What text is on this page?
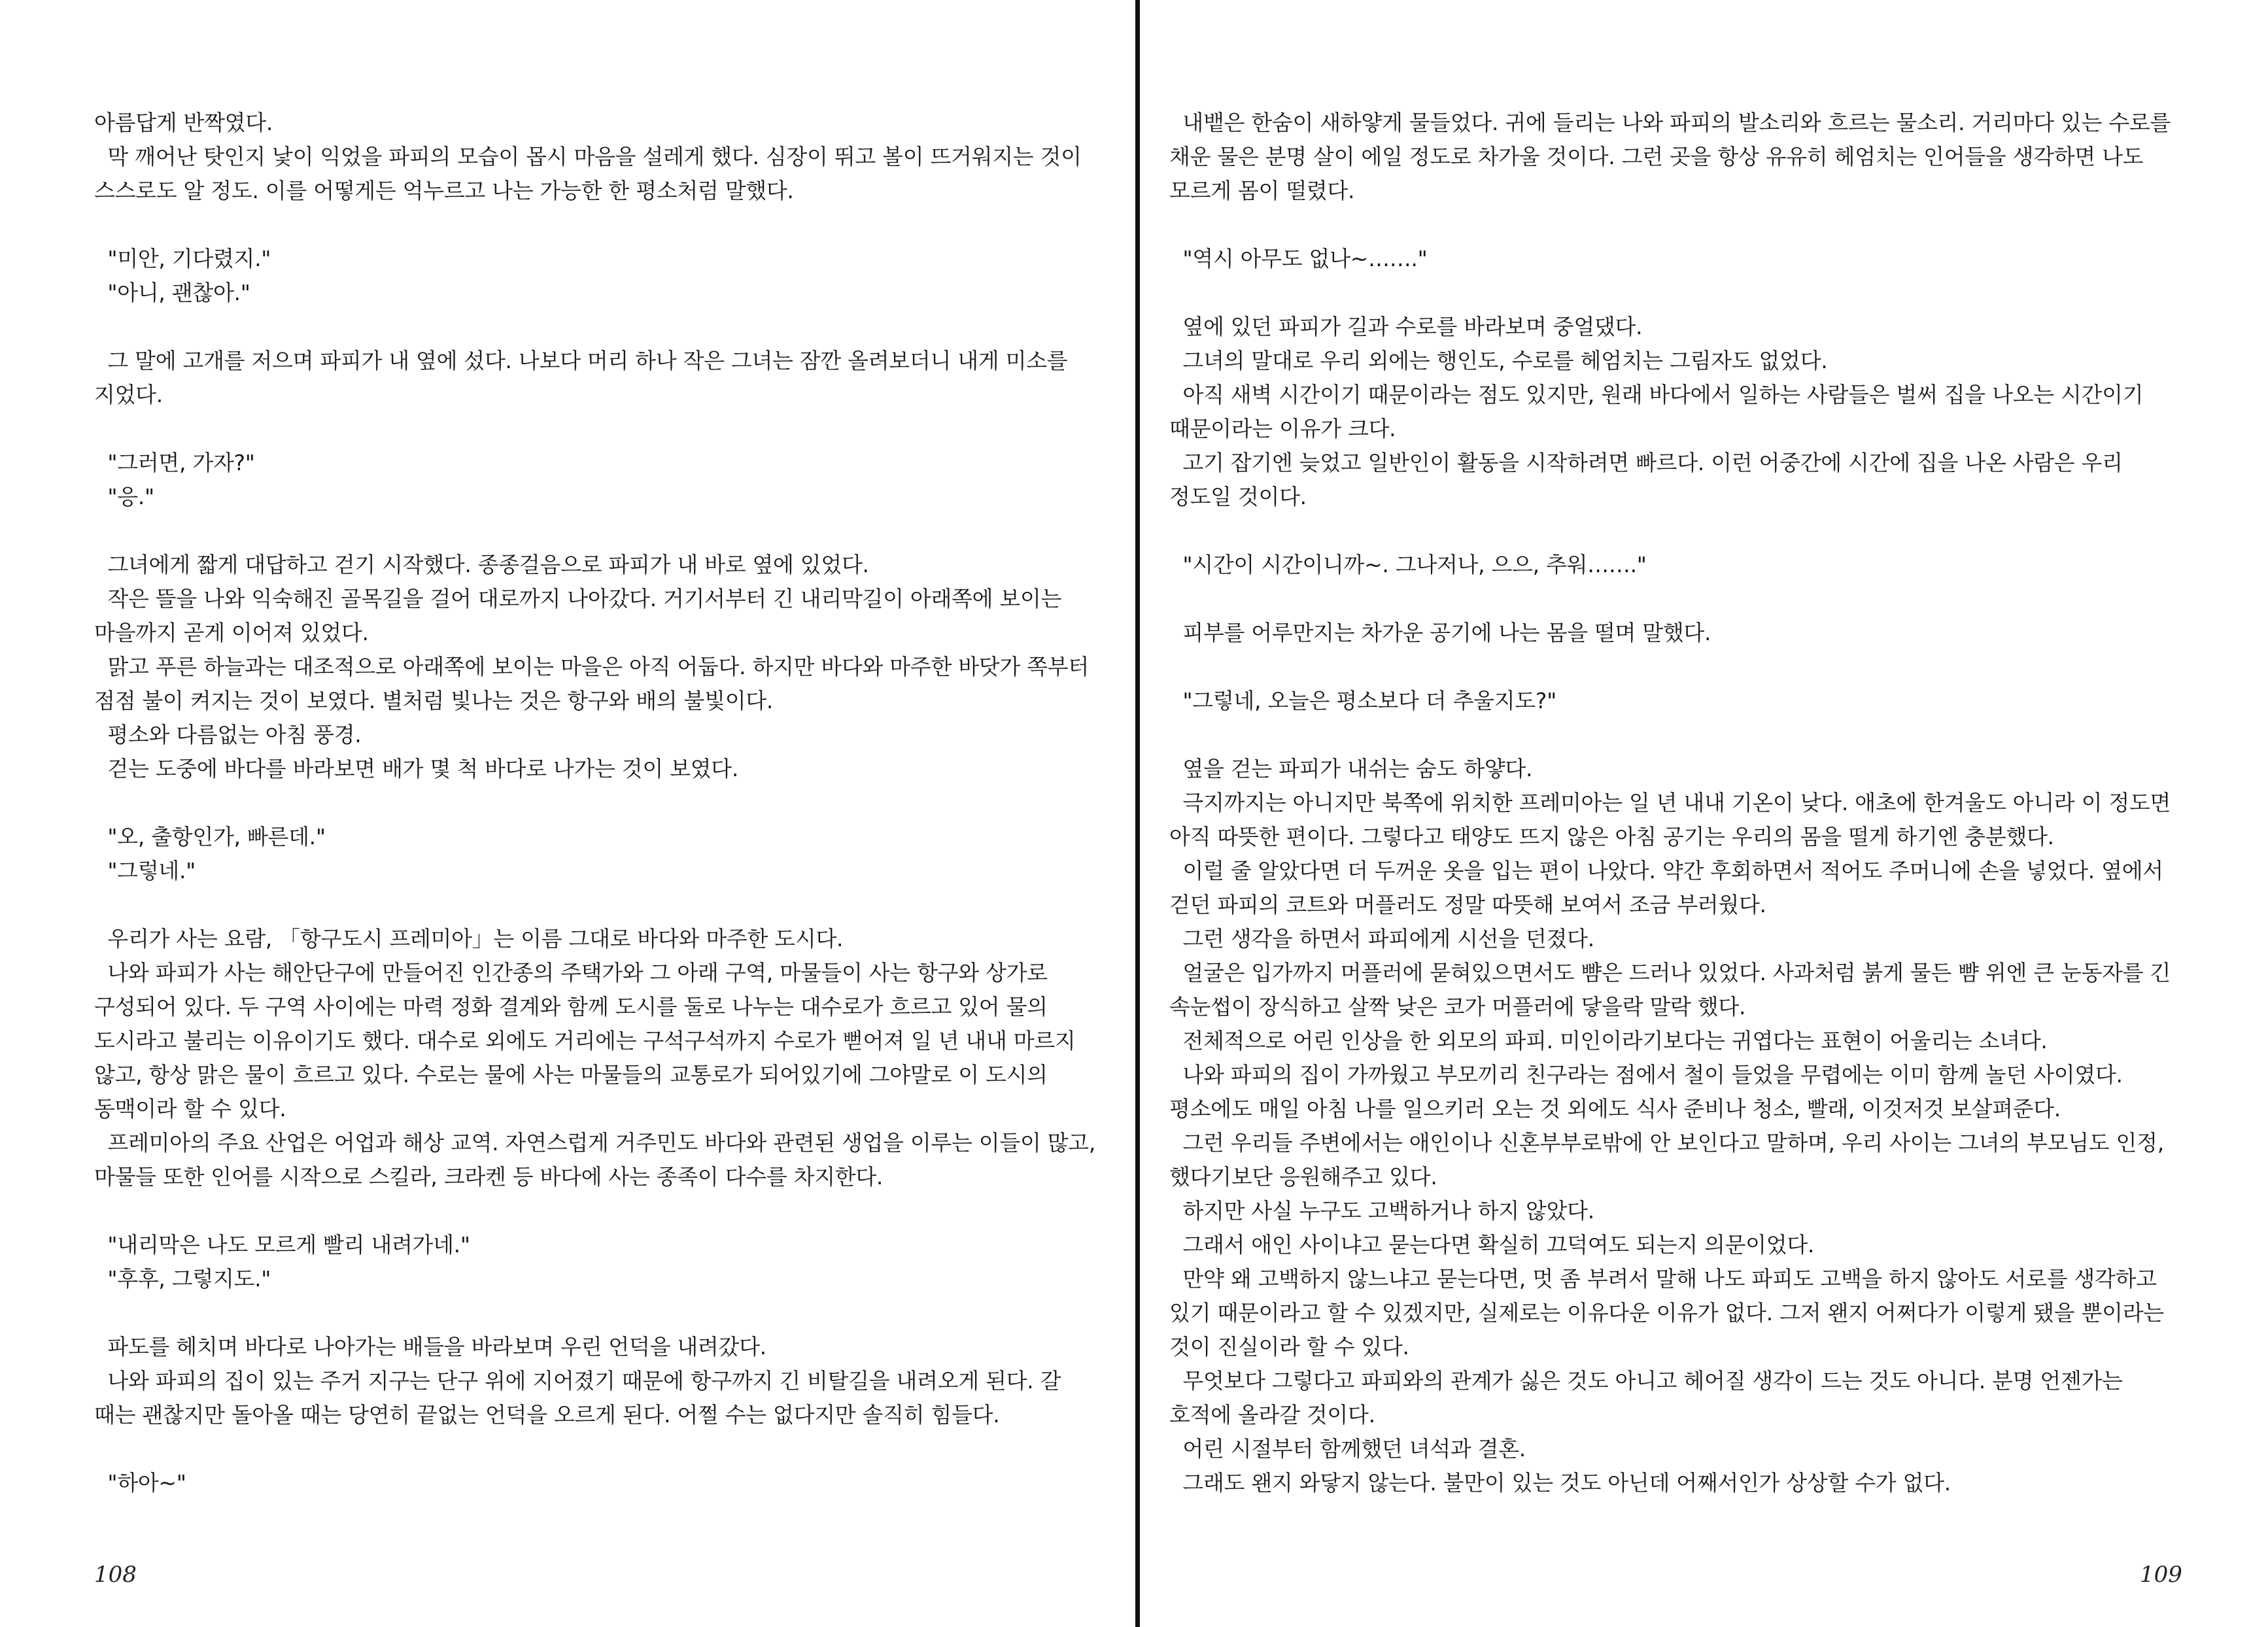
아름답게 반짝였다.
막 깨어난 탓인지 낯이 익었을 파피의 모습이 몹시 마음을 설레게 했다. 심장이 뛰고 볼이 뜨거워지는 것이
스스로도 알 정도. 이를 어떻게든 억누르고 나는 가능한 한 평소처럼 말했다.
"미안, 기다렸지."
"아니, 괜찮아."
그 말에 고개를 저으며 파피가 내 옆에 섰다. 나보다 머리 하나 작은 그녀는 잠깐 올려보더니 내게 미소를
지었다.
"그러면, 가자?"
"응."
그녀에게 짧게 대답하고 걷기 시작했다. 종종걸음으로 파피가 내 바로 옆에 있었다.
작은 뜰을 나와 익숙해진 골목길을 걸어 대로까지 나아갔다. 거기서부터 긴 내리막길이 아래쪽에 보이는
마을까지 곧게 이어져 있었다.
맑고 푸른 하늘과는 대조적으로 아래쪽에 보이는 마을은 아직 어둡다. 하지만 바다와 마주한 바닷가 쪽부터
점점 불이 켜지는 것이 보였다. 별처럼 빛나는 것은 항구와 배의 불빛이다.
평소와 다름없는 아침 풍경.
걷는 도중에 바다를 바라보면 배가 몇 척 바다로 나가는 것이 보였다.
"오, 출항인가, 빠른데."
"그렇네."
우리가 사는 요람, 「항구도시 프레미아」는 이름 그대로 바다와 마주한 도시다.
나와 파피가 사는 해안단구에 만들어진 인간종의 주택가와 그 아래 구역, 마물들이 사는 항구와 상가로
구성되어 있다. 두 구역 사이에는 마력 정화 결계와 함께 도시를 둘로 나누는 대수로가 흐르고 있어 물의
도시라고 불리는 이유이기도 했다. 대수로 외에도 거리에는 구석구석까지 수로가 뻗어져 일 년 내내 마르지
않고, 항상 맑은 물이 흐르고 있다. 수로는 물에 사는 마물들의 교통로가 되어있기에 그야말로 이 도시의
동맥이라 할 수 있다.
프레미아의 주요 산업은 어업과 해상 교역. 자연스럽게 거주민도 바다와 관련된 생업을 이루는 이들이 많고,
마물들 또한 인어를 시작으로 스킬라, 크라켄 등 바다에 사는 종족이 다수를 차지한다.
"내리막은 나도 모르게 빨리 내려가네."
"후후, 그렇지도."
파도를 헤치며 바다로 나아가는 배들을 바라보며 우린 언덕을 내려갔다.
나와 파피의 집이 있는 주거 지구는 단구 위에 지어졌기 때문에 항구까지 긴 비탈길을 내려오게 된다. 갈
때는 괜찮지만 돌아올 때는 당연히 끝없는 언덕을 오르게 된다. 어쩔 수는 없다지만 솔직히 힘들다.
"하아~"
108
내뱉은 한숨이 새하얗게 물들었다. 귀에 들리는 나와 파피의 발소리와 흐르는 물소리. 거리마다 있는 수로를
채운 물은 분명 살이 에일 정도로 차가울 것이다. 그런 곳을 항상 유유히 헤엄치는 인어들을 생각하면 나도
모르게 몸이 떨렸다.
"역시 아무도 없나~……."
옆에 있던 파피가 길과 수로를 바라보며 중얼댔다.
그녀의 말대로 우리 외에는 행인도, 수로를 헤엄치는 그림자도 없었다.
아직 새벽 시간이기 때문이라는 점도 있지만, 원래 바다에서 일하는 사람들은 벌써 집을 나오는 시간이기
때문이라는 이유가 크다.
고기 잡기엔 늦었고 일반인이 활동을 시작하려면 빠르다. 이런 어중간에 시간에 집을 나온 사람은 우리
정도일 것이다.
"시간이 시간이니까~. 그나저나, 으으, 추워……."
피부를 어루만지는 차가운 공기에 나는 몸을 떨며 말했다.
"그렇네, 오늘은 평소보다 더 추울지도?"
옆을 걷는 파피가 내쉬는 숨도 하얗다.
극지까지는 아니지만 북쪽에 위치한 프레미아는 일 년 내내 기온이 낮다. 애초에 한겨울도 아니라 이 정도면
아직 따뜻한 편이다. 그렇다고 태양도 뜨지 않은 아침 공기는 우리의 몸을 떨게 하기엔 충분했다.
이럴 줄 알았다면 더 두꺼운 옷을 입는 편이 나았다. 약간 후회하면서 적어도 주머니에 손을 넣었다. 옆에서
걷던 파피의 코트와 머플러도 정말 따뜻해 보여서 조금 부러웠다.
그런 생각을 하면서 파피에게 시선을 던졌다.
얼굴은 입가까지 머플러에 묻혀있으면서도 뺨은 드러나 있었다. 사과처럼 붉게 물든 뺨 위엔 큰 눈동자를 긴
속눈썹이 장식하고 살짝 낮은 코가 머플러에 닿을락 말락 했다.
전체적으로 어린 인상을 한 외모의 파피. 미인이라기보다는 귀엽다는 표현이 어울리는 소녀다.
나와 파피의 집이 가까웠고 부모끼리 친구라는 점에서 철이 들었을 무렵에는 이미 함께 놀던 사이였다.
평소에도 매일 아침 나를 일으키러 오는 것 외에도 식사 준비나 청소, 빨래, 이것저것 보살펴준다.
그런 우리들 주변에서는 애인이나 신혼부부로밖에 안 보인다고 말하며, 우리 사이는 그녀의 부모님도 인정,
했다기보단 응원해주고 있다.
하지만 사실 누구도 고백하거나 하지 않았다.
그래서 애인 사이냐고 묻는다면 확실히 끄덕여도 되는지 의문이었다.
만약 왜 고백하지 않느냐고 묻는다면, 멋 좀 부려서 말해 나도 파피도 고백을 하지 않아도 서로를 생각하고
있기 때문이라고 할 수 있겠지만, 실제로는 이유다운 이유가 없다. 그저 왠지 어쩌다가 이렇게 됐을 뿐이라는
것이 진실이라 할 수 있다.
무엇보다 그렇다고 파피와의 관계가 싫은 것도 아니고 헤어질 생각이 드는 것도 아니다. 분명 언젠가는
호적에 올라갈 것이다.
어린 시절부터 함께했던 녀석과 결혼.
그래도 왠지 와닿지 않는다. 불만이 있는 것도 아닌데 어째서인가 상상할 수가 없다.
109
